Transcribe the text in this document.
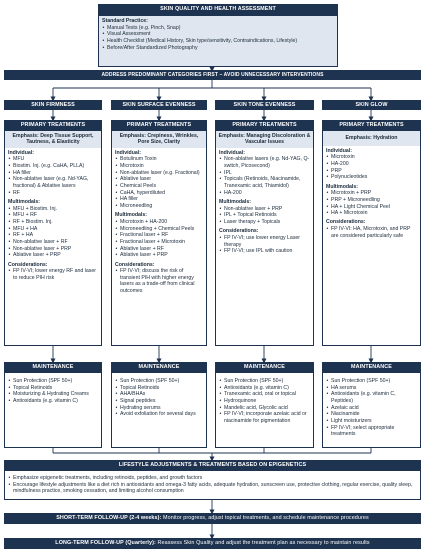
SKIN QUALITY AND HEALTH ASSESSMENT
Standard Practice:
• Manual Tests (e.g. Pinch, Snap)
• Visual Assessment
• Health Checklist (Medical History, Skin type/sensitivity, Contraindications, Lifestyle)
• Before/After Standardized Photography
ADDRESS PREDOMINANT CATEGORIES FIRST – AVOID UNNECESSARY INTERVENTIONS
SKIN FIRMNESS	SKIN SURFACE EVENNESS	SKIN TONE EVENNESS	SKIN GLOW
PRIMARY TREATMENTS
Emphasis: Deep Tissue Support, Tautness, & Elasticity
Individual:
• MFU
• Biostim. Inj. (e.g. CaHA, PLLA)
• HA filler
• Non-ablative laser (e.g. Nd-YAG, fractional) & Ablative lasers
• RF
Multimodals:
• MFU + Biostim. Inj.
• MFU + RF
• RF + Biostim. Inj.
• MFU + HA
• RF + HA
• Non-ablative laser + RF
• Non-ablative laser + PRP
• Ablative laser + PRP
Considerations:
• FP IV-VI; lower energy RF and laser to reduce PIH risk
PRIMARY TREATMENTS
Emphasis: Crepiness, Wrinkles, Pore Size, Clarity
Individual:
• Botulinum Toxin
• Microtoxin
• Non-ablative laser (e.g. Fractional)
• Ablative laser
• Chemical Peels
• CaHA, hyperdiluted
• HA filler
• Microneedling
Multimodals:
• Microtoxin + HA-200
• Microneedling + Chemical Peels
• Fractional laser + RF
• Fractional laser + Microtoxin
• Ablative laser + RF
• Ablative laser + PRP
Considerations:
• FP IV-VI; discuss the risk of transient PIH with higher energy lasers as a trade-off from clinical outcomes
PRIMARY TREATMENTS
Emphasis: Managing Discoloration & Vascular Issues
Individual:
• Non-ablative lasers (e.g. Nd-YAG, Q-switch, Picosecond)
• IPL
• Topicals (Retinoids, Niacinamide, Tranexamic acid, Thiamidol)
• HA-200
Multimodals:
• Non-ablative laser + PRP
• IPL + Topical Retinoids
• Laser therapy + Topicals
Considerations:
• FP IV-VI; use lower energy Laser therapy
• FP IV-VI; use IPL with caution
PRIMARY TREATMENTS
Emphasis: Hydration
Individual:
• Microtoxin
• HA-200
• PRP
• Polynucleotides
Multimodals:
• Microtoxin + PRP
• PRP + Microneedling
• HA + Light Chemical Peel
• HA + Microtoxin
Considerations:
• FP IV-VI: HA, Microtoxin, and PRP are considered particularly safe
MAINTENANCE
• Sun Protection (SPF 50+)
• Topical Retinoids
• Moisturizing & Hydrating Creams
• Antioxidants (e.g. vitamin C)
MAINTENANCE
• Sun Protection (SPF 50+)
• Topical Retinoids
• AHA/BHAs
• Signal peptides
• Hydrating serums
• Avoid exfoliation for several days
MAINTENANCE
• Sun Protection (SPF 50+)
• Antioxidants (e.g. vitamin C)
• Tranexamic acid, oral or topical
• Hydroquinone
• Mandelic acid, Glycolic acid
• FP IV-VI; incorporate azelaic acid or niacinamide for pigmentation
MAINTENANCE
• Sun Protection (SPF 50+)
• HA serums
• Antioxidants (e.g. vitamin C, Peptides)
• Azelaic acid
• Niacinamide
• Light moisturizers
• FP IV-VI; select appropriate treatments
LIFESTYLE ADJUSTMENTS & TREATMENTS BASED ON EPIGENETICS
• Emphasize epigenetic treatments, including retinoids, peptides, and growth factors
• Encourage lifestyle adjustments like a diet rich in antioxidants and omega-3 fatty acids, adequate hydration, sunscreen use, protective clothing, regular exercise, quality sleep, mindfulness practice, smoking cessation, and limiting alcohol consumption
SHORT-TERM FOLLOW-UP (2-4 weeks):
Monitor progress, adjust topical treatments, and schedule maintenance procedures
LONG-TERM FOLLOW-UP (Quarterly):
Reassess Skin Quality and adjust the treatment plan as necessary to maintain results
